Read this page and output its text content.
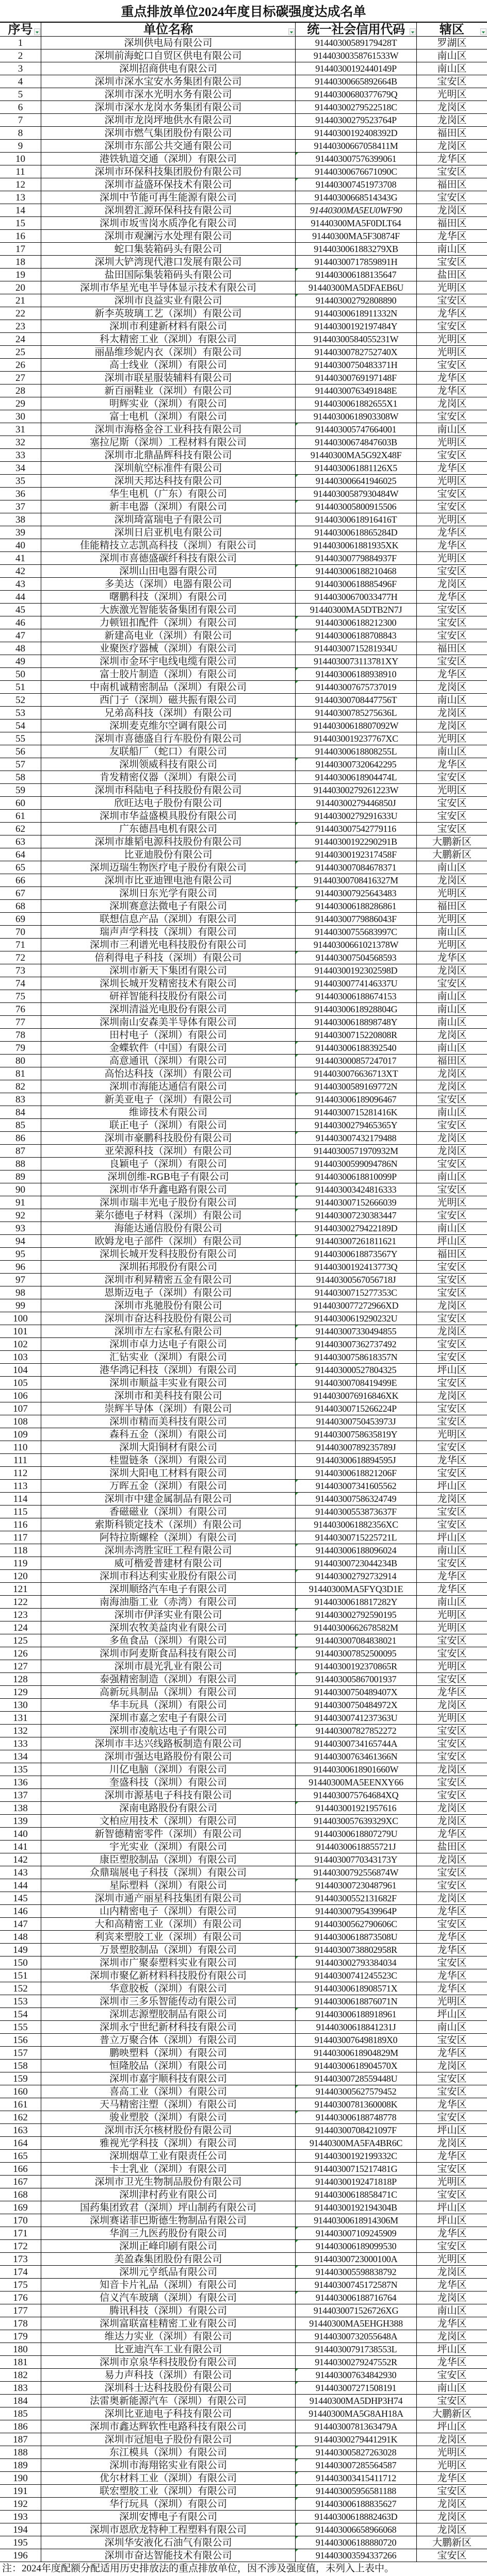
重点排放单位2024年度目标碳强度达成名单
序号	单位名称	统一社会信用代码	辖区
1	深圳供电局有限公司	91440300589179428T	罗湖区
2	深圳前海蛇口自贸区供电有限公司	91440300358761533W	南山区
3	深圳招商供电有限公司	91440300192440149P	南山区
4	深圳市深水宝安水务集团有限公司	91440300665892664B	宝安区
5	深圳市深水光明水务有限公司	91440300680377679Q	光明区
6	深圳市深水龙岗水务集团有限公司	91440300279522518C	龙岗区
7	深圳市龙岗坪地供水有限公司	91440300279523764P	龙岗区
8	深圳市燃气集团股份有限公司	91440300192408392D	福田区
9	深圳市东部公共交通有限公司	91440300667058411M	龙岗区
10	港铁轨道交通（深圳）有限公司	914403007576399061	龙华区
11	深圳市环保科技集团股份有限公司	91440300676671090C	宝安区
12	深圳市益盛环保技术有限公司	914403007451973708	福田区
13	深圳中节能可再生能源有限公司	91440300668514343G	宝安区
14	深圳碧汇源环保科技有限公司	91440300MA5EU0WF90	龙岗区
15	深圳市坂雪岗水质净化有限公司	91440300MA5F0DLT64	福田区
16	深圳市观澜污水处理有限公司	91440300MA5F30874F	龙华区
17	蛇口集装箱码头有限公司	9144030061883279XB	南山区
18	深圳大铲湾现代港口发展有限公司	91440300717859891H	宝安区
19	盐田国际集装箱码头有限公司	914403006188135647	盐田区
20	深圳市华星光电半导体显示技术有限公司	91440300MA5DFAEB6U	光明区
21	深圳市良益实业有限公司	914403002792808890	宝安区
22	新李英玻璃工艺（深圳）有限公司	91440300618911332N	龙华区
23	深圳市利建新材料有限公司	91440300192197484Y	宝安区
24	科太精密工业（深圳）有限公司	91440300584055231W	光明区
25	丽晶维珍妮内衣（深圳）有限公司	91440300782752740X	光明区
26	高士线业（深圳）有限公司	91440300750483371H	宝安区
27	深圳市联星服装辅料有限公司	91440300769197148F	龙华区
28	新百丽鞋业（深圳）有限公司	91440300763491848E	龙华区
29	明辉实业（深圳）有限公司	9144030061882655X1	龙岗区
30	富士电机（深圳）有限公司	91440300618903308W	宝安区
31	深圳市海格金谷工业科技有限公司	914403005747664001	南山区
32	塞拉尼斯（深圳）工程材料有限公司	91440300674847603B	光明区
33	深圳市北鼎晶辉科技有限公司	91440300MA5G92X48F	宝安区
34	深圳航空标准件有限公司	9144030061881126X5	龙华区
35	深圳天邦达科技有限公司	914403006641946025	光明区
36	华生电机（广东）有限公司	91440300587930484W	宝安区
37	新丰电器（深圳）有限公司	914403005800915506	宝安区
38	深圳琦富瑞电子有限公司	91440300618916416T	光明区
39	深圳日启亚机电有限公司	91440300618865284D	龙华区
40	佳能精技立志凯高科技（深圳）有限公司	9144030061881935XK	龙华区
41	深圳市喜德盛碳纤科技有限公司	91440300779884937F	光明区
42	深圳山田电器有限公司	914403006188210468	宝安区
43	多美达（深圳）电器有限公司	91440300618885496F	龙岗区
44	曙鹏科技（深圳）有限公司	91440300670033477H	龙华区
45	大族激光智能装备集团有限公司	91440300MA5DTB2N7J	宝安区
46	力顿钮扣配件（深圳）有限公司	914403006188212300	宝安区
47	新建高电业（深圳）有限公司	914403006188708843	宝安区
48	业聚医疗器械（深圳）有限公司	91440300715281934U	福田区
49	深圳市金环宇电线电缆有限公司	9144030073113781XY	宝安区
50	富士胶片制造（深圳）有限公司	914403006188938910	龙华区
51	中南机诚精密制品（深圳）有限公司	914403007675737019	龙岗区
52	西门子（深圳）磁共振有限公司	91440300708447756T	南山区
53	兄弟高科技（深圳）有限公司	91440300785275636L	龙岗区
54	深圳麦克维尔空调有限公司	91440300618807092W	龙岗区
55	深圳市喜德盛自行车股份有限公司	9144030019237767XC	光明区
56	友联船厂（蛇口）有限公司	91440300618808255L	南山区
57	深圳领威科技有限公司	914403007320642295	龙华区
58	肯发精密仪器（深圳）有限公司	91440300618904474L	宝安区
59	深圳市科陆电子科技股份有限公司	91440300279261223W	光明区
60	欣旺达电子股份有限公司	91440300279446850J	宝安区
61	深圳市华益盛模具股份有限公司	91440300279291633U	宝安区
62	广东德昌电机有限公司	914403007542779116	宝安区
63	深圳市雄韬电源科技股份有限公司	91440300192290291B	大鹏新区
64	比亚迪股份有限公司	91440300192317458F	大鹏新区
65	深圳迈瑞生物医疗电子股份有限公司	914403007084678371	南山区
66	深圳市比亚迪锂电池有限公司	91440300708416327M	龙岗区
67	深圳日东光学有限公司	914403007925643483	光明区
68	深圳赛意法微电子有限公司	914403006188286861	福田区
69	联想信息产品（深圳）有限公司	91440300779886043F	光明区
70	瑞声声学科技（深圳）有限公司	91440300755683997C	南山区
71	深圳市三利谱光电科技股份有限公司	91440300661021378W	光明区
72	倍利得电子科技（深圳）有限公司	914403007504568593	龙华区
73	深圳市新天下集团有限公司	91440300192302598D	龙岗区
74	深圳长城开发精密技术有限公司	91440300774146337U	宝安区
75	研祥智能科技股份有限公司	914403006188674153	南山区
76	深圳清溢光电股份有限公司	91440300618928804G	南山区
77	深圳南山安森美半导体有限公司	91440300618898748Y	南山区
78	田村电子（深圳）有限公司	91440300715220808R	龙岗区
79	金蝶软件（中国）有限公司	914403006188392540	南山区
80	高意通讯（深圳）有限公司	914403000857247017	福田区
81	高怡达科技（深圳）有限公司	9144030076636713XT	龙岗区
82	深圳市海能达通信有限公司	91440300589169772N	龙岗区
83	新美亚电子（深圳）有限公司	914403006189096467	宝安区
84	维谛技术有限公司	91440300715281416K	南山区
85	联正电子（深圳）有限公司	91440300279465365Y	宝安区
86	深圳市豪鹏科技股份有限公司	914403007432179488	龙岗区
87	亚荣源科技（深圳）有限公司	91440300571970932M	龙岗区
88	良颖电子（深圳）有限公司	91440300599094786N	宝安区
89	深圳创维-RGB电子有限公司	91440300618810099P	南山区
90	深圳市华升鑫电路有限公司	914403003424816333	宝安区
91	深圳市瑞丰光电子股份有限公司	914403007152666039	光明区
92	莱尔德电子材料（深圳）有限公司	914403007230383447	宝安区
93	海能达通信股份有限公司	91440300279422189D	南山区
94	欧姆龙电子部件（深圳）有限公司	914403007261811621	坪山区
95	深圳长城开发科技股份有限公司	91440300618873567Y	福田区
96	深圳拓邦股份有限公司	91440300192413773Q	宝安区
97	深圳市利昇精密五金有限公司	91440300567056718J	宝安区
98	恩斯迈电子（深圳）有限公司	91440300715277353C	宝安区
99	深圳市兆驰股份有限公司	9144030077272966XD	龙岗区
100	深圳市奋达科技股份有限公司	91440300619290232U	宝安区
101	深圳市左右家私有限公司	914403007330494855	龙岗区
102	深圳市卓力达电子有限公司	914403007362737492	宝安区
103	汇钻实业（深圳）有限公司	91440300758618357N	宝安区
104	港华鸿记科技（深圳）有限公司	914403000527804325	坪山区
105	深圳市顺益丰实业有限公司	91440300708419499E	宝安区
106	深圳市和美科技有限公司	9144030076916846XK	龙岗区
107	崇辉半导体（深圳）有限公司	91440300715266224P	宝安区
108	深圳市精而美科技有限公司	91440300750453973J	宝安区
109	森科五金（深圳）有限公司	91440300758635819Y	光明区
110	深圳大阳铜材有限公司	91440300789235789J	宝安区
111	桂盟链条（深圳）有限公司	91440300618894595J	龙华区
112	深圳大阳电工材料有限公司	91440300618821206F	宝安区
113	万晖五金（深圳）有限公司	914403007341605562	坪山区
114	深圳市中建金属制品有限公司	914403007586324749	龙岗区
115	香磁磁业（深圳）有限公司	91440300553873637F	宝安区
116	索斯科锁定技术（深圳）有限公司	9144030061882356XC	宝安区
117	阿特拉斯螺栓（深圳）有限公司	91440300715225721L	坪山区
118	深圳赤湾胜宝旺工程有限公司	914403006188096024	南山区
119	威可楷爱普建材有限公司	91440300723044234B	宝安区
120	深圳市科达利实业股份有限公司	914403002792732914	龙华区
121	深圳顺络汽车电子有限公司	91440300MA5FYQ3D1E	龙华区
122	南海油脂工业（赤湾）有限公司	91440300618817282Y	南山区
123	深圳市伊泽实业有限公司	914403002792590195	光明区
124	深圳农牧美益肉业有限公司	91440300662678582M	光明区
125	多鱼食品（深圳）有限公司	914403007084838021	宝安区
126	深圳市阿麦斯食品科技有限公司	914403007852500095	宝安区
127	深圳市晨光乳业有限公司	91440300192370865R	光明区
128	泰强精密制造（深圳）有限公司	914403005867001937	宝安区
129	高新玩具制品（深圳）有限公司	91440300750489407X	龙华区
130	华丰玩具（深圳）有限公司	91440300750484972X	龙岗区
131	深圳市嘉之宏电子有限公司	91440300741237363U	光明区
132	深圳市凌航达电子有限公司	914403007827852272	宝安区
133	深圳市丰达兴线路板制造有限公司	91440300734165744A	宝安区
134	深圳市强达电路股份有限公司	91440300763461366N	宝安区
135	川亿电脑（深圳）有限公司	91440300618901660W	龙岗区
136	奎盛科技（深圳）有限公司	91440300MA5EENXY66	宝安区
137	深圳市源基电子科技有限公司	9144030075764684XQ	宝安区
138	深南电路股份有限公司	914403001921957616	龙岗区
139	文柏应用技术（深圳）有限公司	9144030057639329XC	龙岗区
140	新智德精密零件（深圳）有限公司	91440300618807279U	龙华区
141	宇光实业（深圳）有限公司	91440300618855721J	盐田区
142	康臣塑胶制品（深圳）有限公司	91440300770343173Y	龙岗区
143	众鼎瑞展电子科技（深圳）有限公司	91440300792556874W	宝安区
144	星际塑料（深圳）有限公司	914403007230487961	宝安区
145	深圳市通产丽星科技集团有限公司	91440300552131682F	龙岗区
146	山内精密电子（深圳）有限公司	91440300795439964P	龙华区
147	大和高精密工业（深圳）有限公司	91440300562790606C	宝安区
148	利宾来塑胶工业（深圳）有限公司	91440300618873508U	龙华区
149	万景塑胶制品（深圳）有限公司	91440300738802958R	龙华区
150	深圳市广聚泰塑料实业有限公司	914403002793384034	宝安区
151	深圳市聚亿新材料科技股份有限公司	91440300741245523C	龙华区
152	华意胶板（深圳）有限公司	91440300618908571X	龙华区
153	深圳市三多乐智能传动有限公司	91440300618876071N	光明区
154	深圳志源塑胶制品有限公司	914403006188918961	坪山区
155	深圳永宁世纪新材科技有限公司	91440300618841231J	南山区
156	普立万聚合体（深圳）有限公司	9144030076498189X0	宝安区
157	鹏映塑料（深圳）有限公司	91440300618904829M	龙华区
158	恒隆胶品（深圳）有限公司	91440300618904570X	龙岗区
159	深圳市嘉宇顺科技有限公司	91440300728559448U	宝安区
160	喜高工业（深圳）有限公司	914403005627579452	宝安区
161	天马精密注塑（深圳）有限公司	91440300781360008K	龙华区
162	骏业塑胶（深圳）有限公司	914403006188748778	宝安区
163	深圳市沃尔核材股份有限公司	91440300708421097F	坪山区
164	雅视光学科技（深圳）有限公司	91440300MA5FA4BR6C	龙岗区
165	深圳烟草工业有限责任公司	91440300192199332C	龙华区
166	卡士乳业（深圳）有限公司	91440300715217481G	宝安区
167	深圳市卫光生物制品股份有限公司	91440300192471818P	光明区
168	深圳津村药业有限公司	91440300618858471C	宝安区
169	国药集团致君（深圳）坪山制药有限公司	91440300192194304B	坪山区
170	深圳赛诺菲巴斯德生物制品有限公司	91440300618914306M	坪山区
171	华润三九医药股份有限公司	914403007109245909	龙华区
172	深圳正峰印刷有限公司	914403006189099530	宝安区
173	美盈森集团股份有限公司	91440300723000100A	光明区
174	深圳元亨纸品有限公司	914403005598838792	龙岗区
175	知音卡片礼品（深圳）有限公司	91440300745172587N	龙华区
176	信义汽车玻璃（深圳）有限公司	914403006188716764	龙岗区
177	腾讯科技（深圳）有限公司	9144030071526726XG	南山区
178	深圳富联富桂精密工业有限公司	91440300MA5EHGH388	龙华区
179	维达力实业（深圳）有限公司	91440300732055648A	龙岗区
180	比亚迪汽车工业有限公司	91440300791738553L	坪山区
181	深圳市京泉华科技股份有限公司	91440300279247552R	龙华区
182	易力声科技（深圳）有限公司	914403007634842930	宝安区
183	深圳科士达科技股份有限公司	914403007271508191	南山区
184	法雷奥新能源汽车（深圳）有限公司	91440300MA5DHP3H74	宝安区
185	深圳比亚迪电子科技有限公司	91440300MA5G8AH18A	大鹏新区
186	深圳市鑫达辉软性电路科技有限公司	91440300781363479A	坪山区
187	深圳市冠旭电子股份有限公司	91440300279441291K	龙岗区
188	东江模具（深圳）有限公司	914403005827263028	光明区
189	深圳市海翔铭实业有限公司	914403007285564587	光明区
190	优尔材料工业（深圳）有限公司	914403003415411712	龙华区
191	联宏塑胶工业（深圳）有限公司	914403005956581188	宝安区
192	华行玩具（深圳）有限公司	914403006188835627	龙岗区
193	深圳安博电子有限公司	91440300618882463D	龙岗区
194	深圳市恩欣龙特种工程塑料有限公司	914403006658966068	龙岗区
195	深圳华安液化石油气有限公司	914403006188880720	大鹏新区
196	深圳市奋达智能技术有限公司	914403003594337266	宝安区
注：2024年度配额分配适用历史排放法的重点排放单位，因不涉及强度值，未列入上表中。
